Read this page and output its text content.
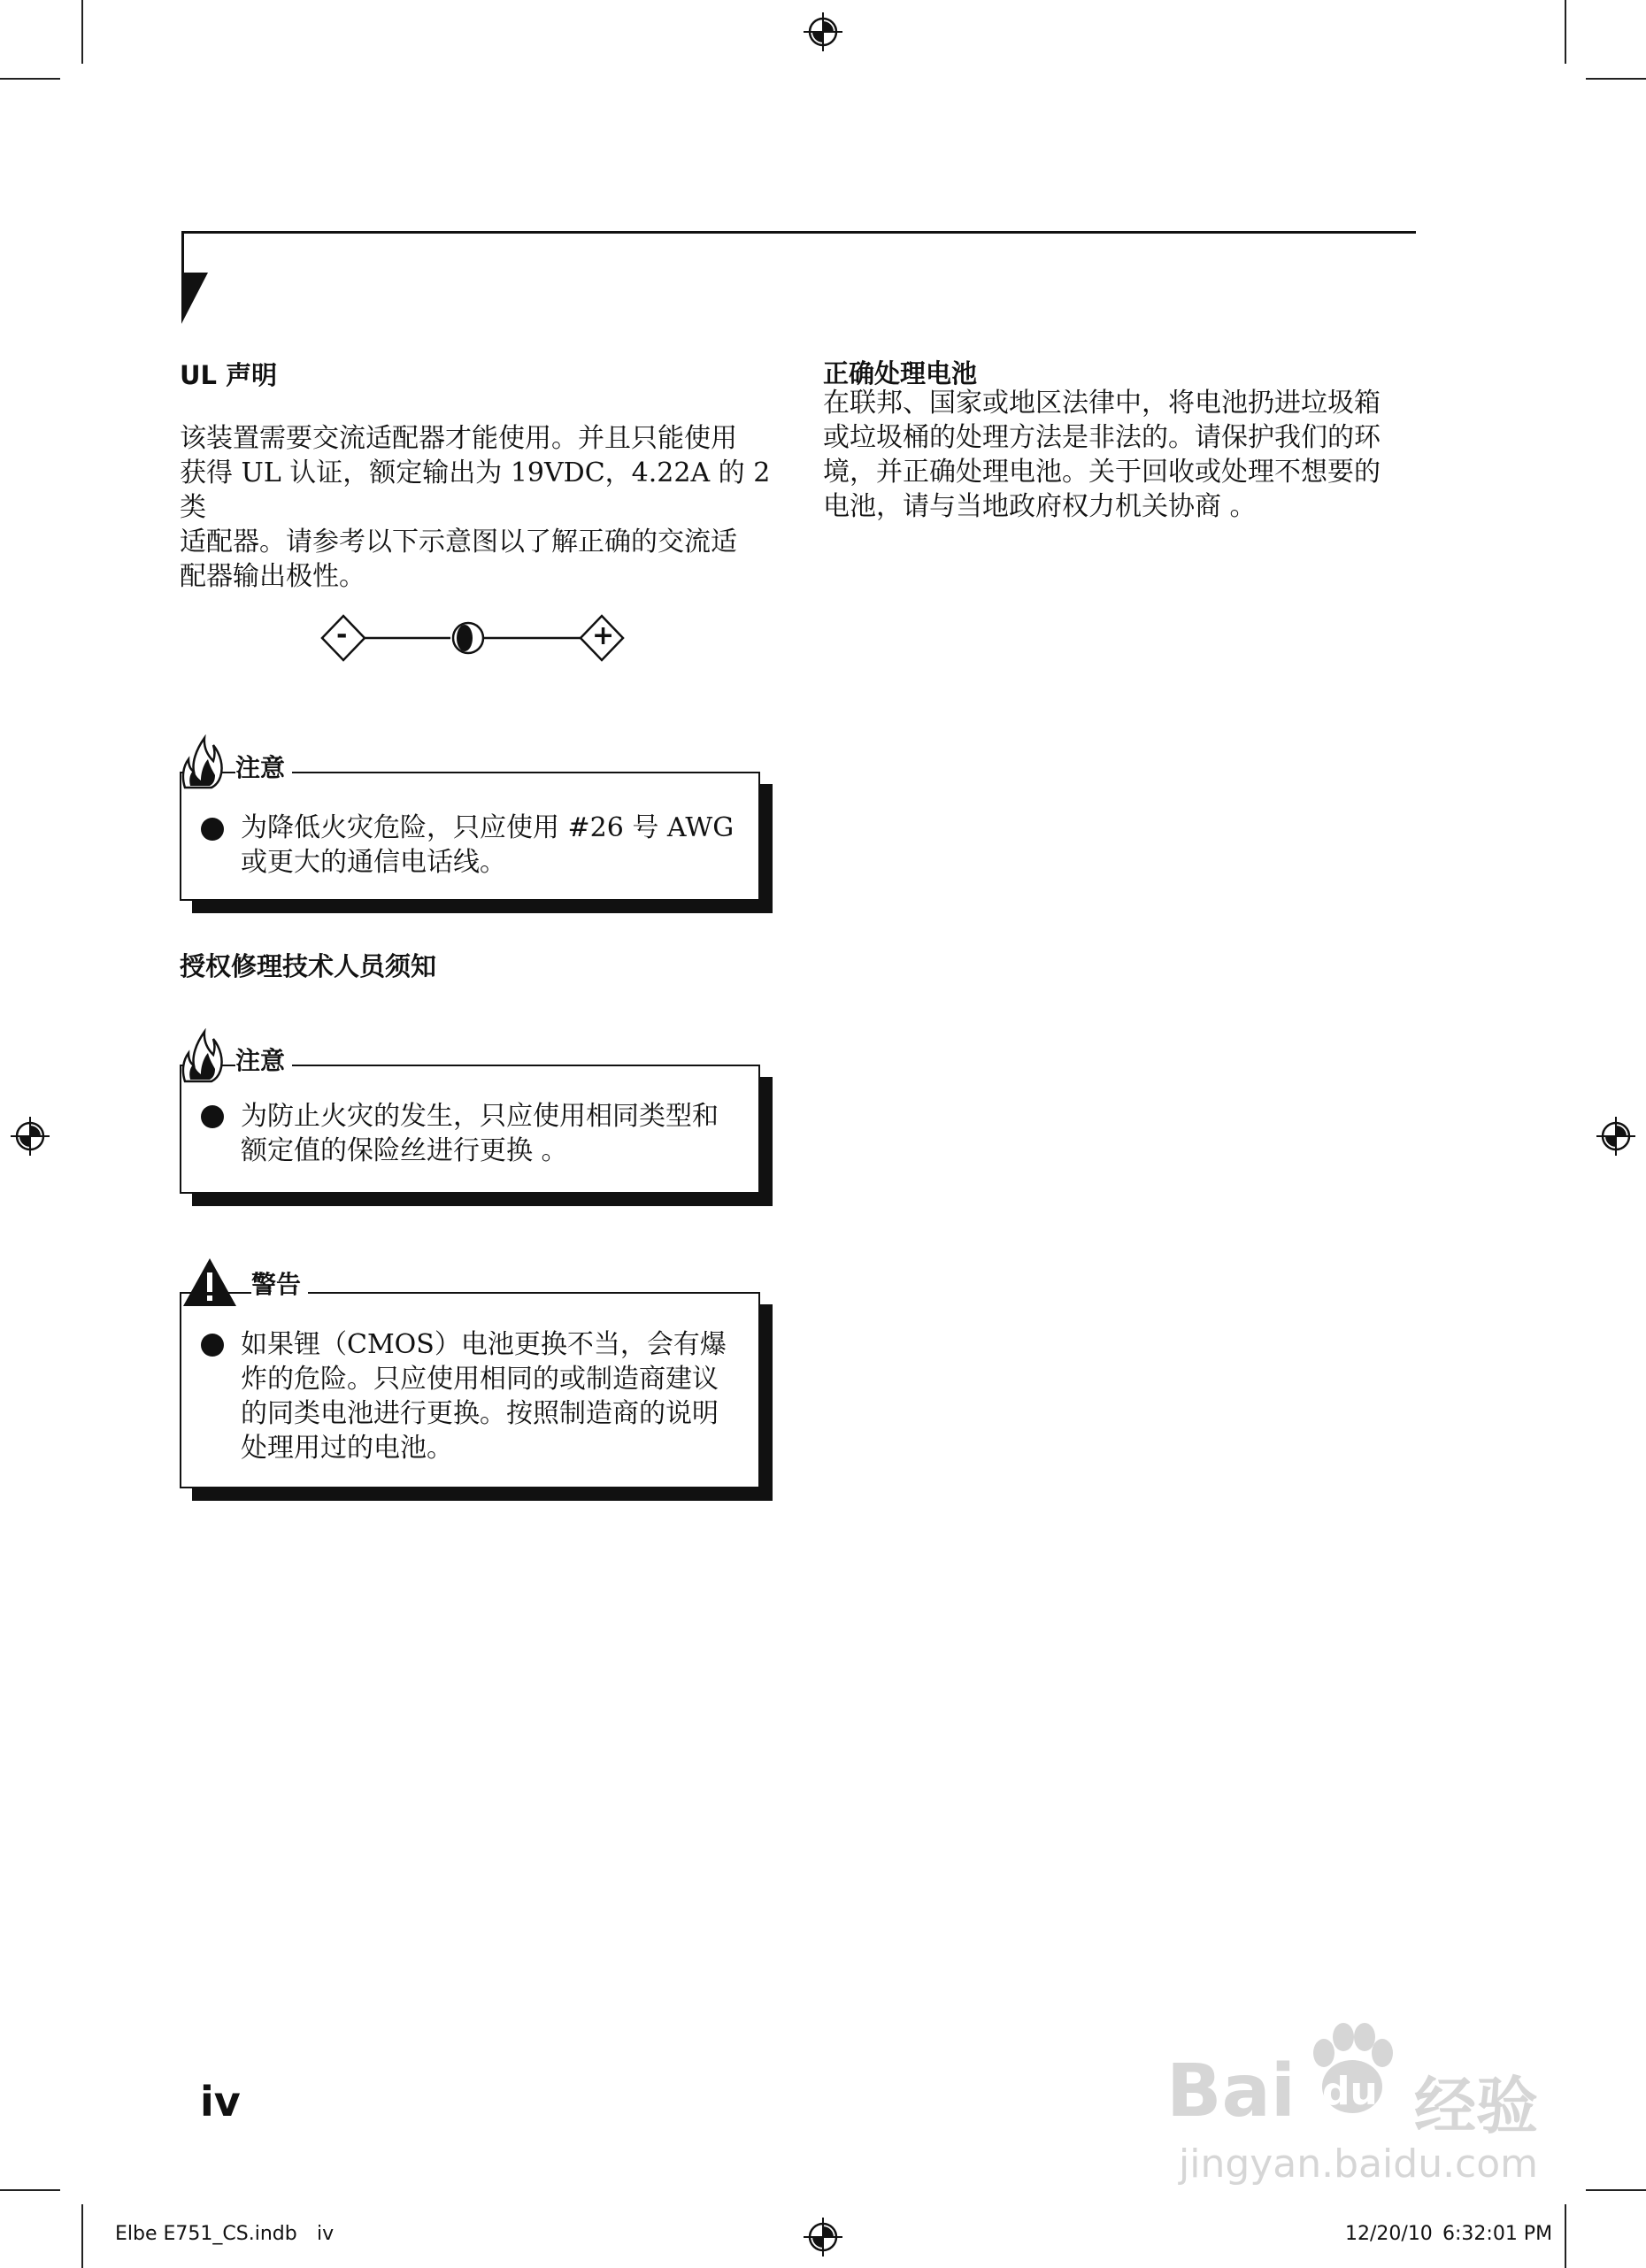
UL 声明
该装置需要交流适配器才能使用。并且只能使用
获得 UL 认证，额定输出为 19VDC，4.22A 的 2 类
适配器。请参考以下示意图以了解正确的交流适
配器输出极性。
-	+
注意
为降低火灾危险，只应使用 #26 号 AWG
或更大的通信电话线。
授权修理技术人员须知
注意
为防止火灾的发生，只应使用相同类型和
额定值的保险丝进行更换 。
警告
如果锂（CMOS）电池更换不当，会有爆
炸的危险。只应使用相同的或制造商建议
的同类电池进行更换。按照制造商的说明
处理用过的电池。
正确处理电池
在联邦、国家或地区法律中，将电池扔进垃圾箱
或垃圾桶的处理方法是非法的。请保护我们的环
境，并正确处理电池。关于回收或处理不想要的
电池，请与当地政府权力机关协商 。
iv	Bai du 经验
jingyan.baidu.com
Elbe E751_CS.indb iv	12/20/10 6:32:01 PM
